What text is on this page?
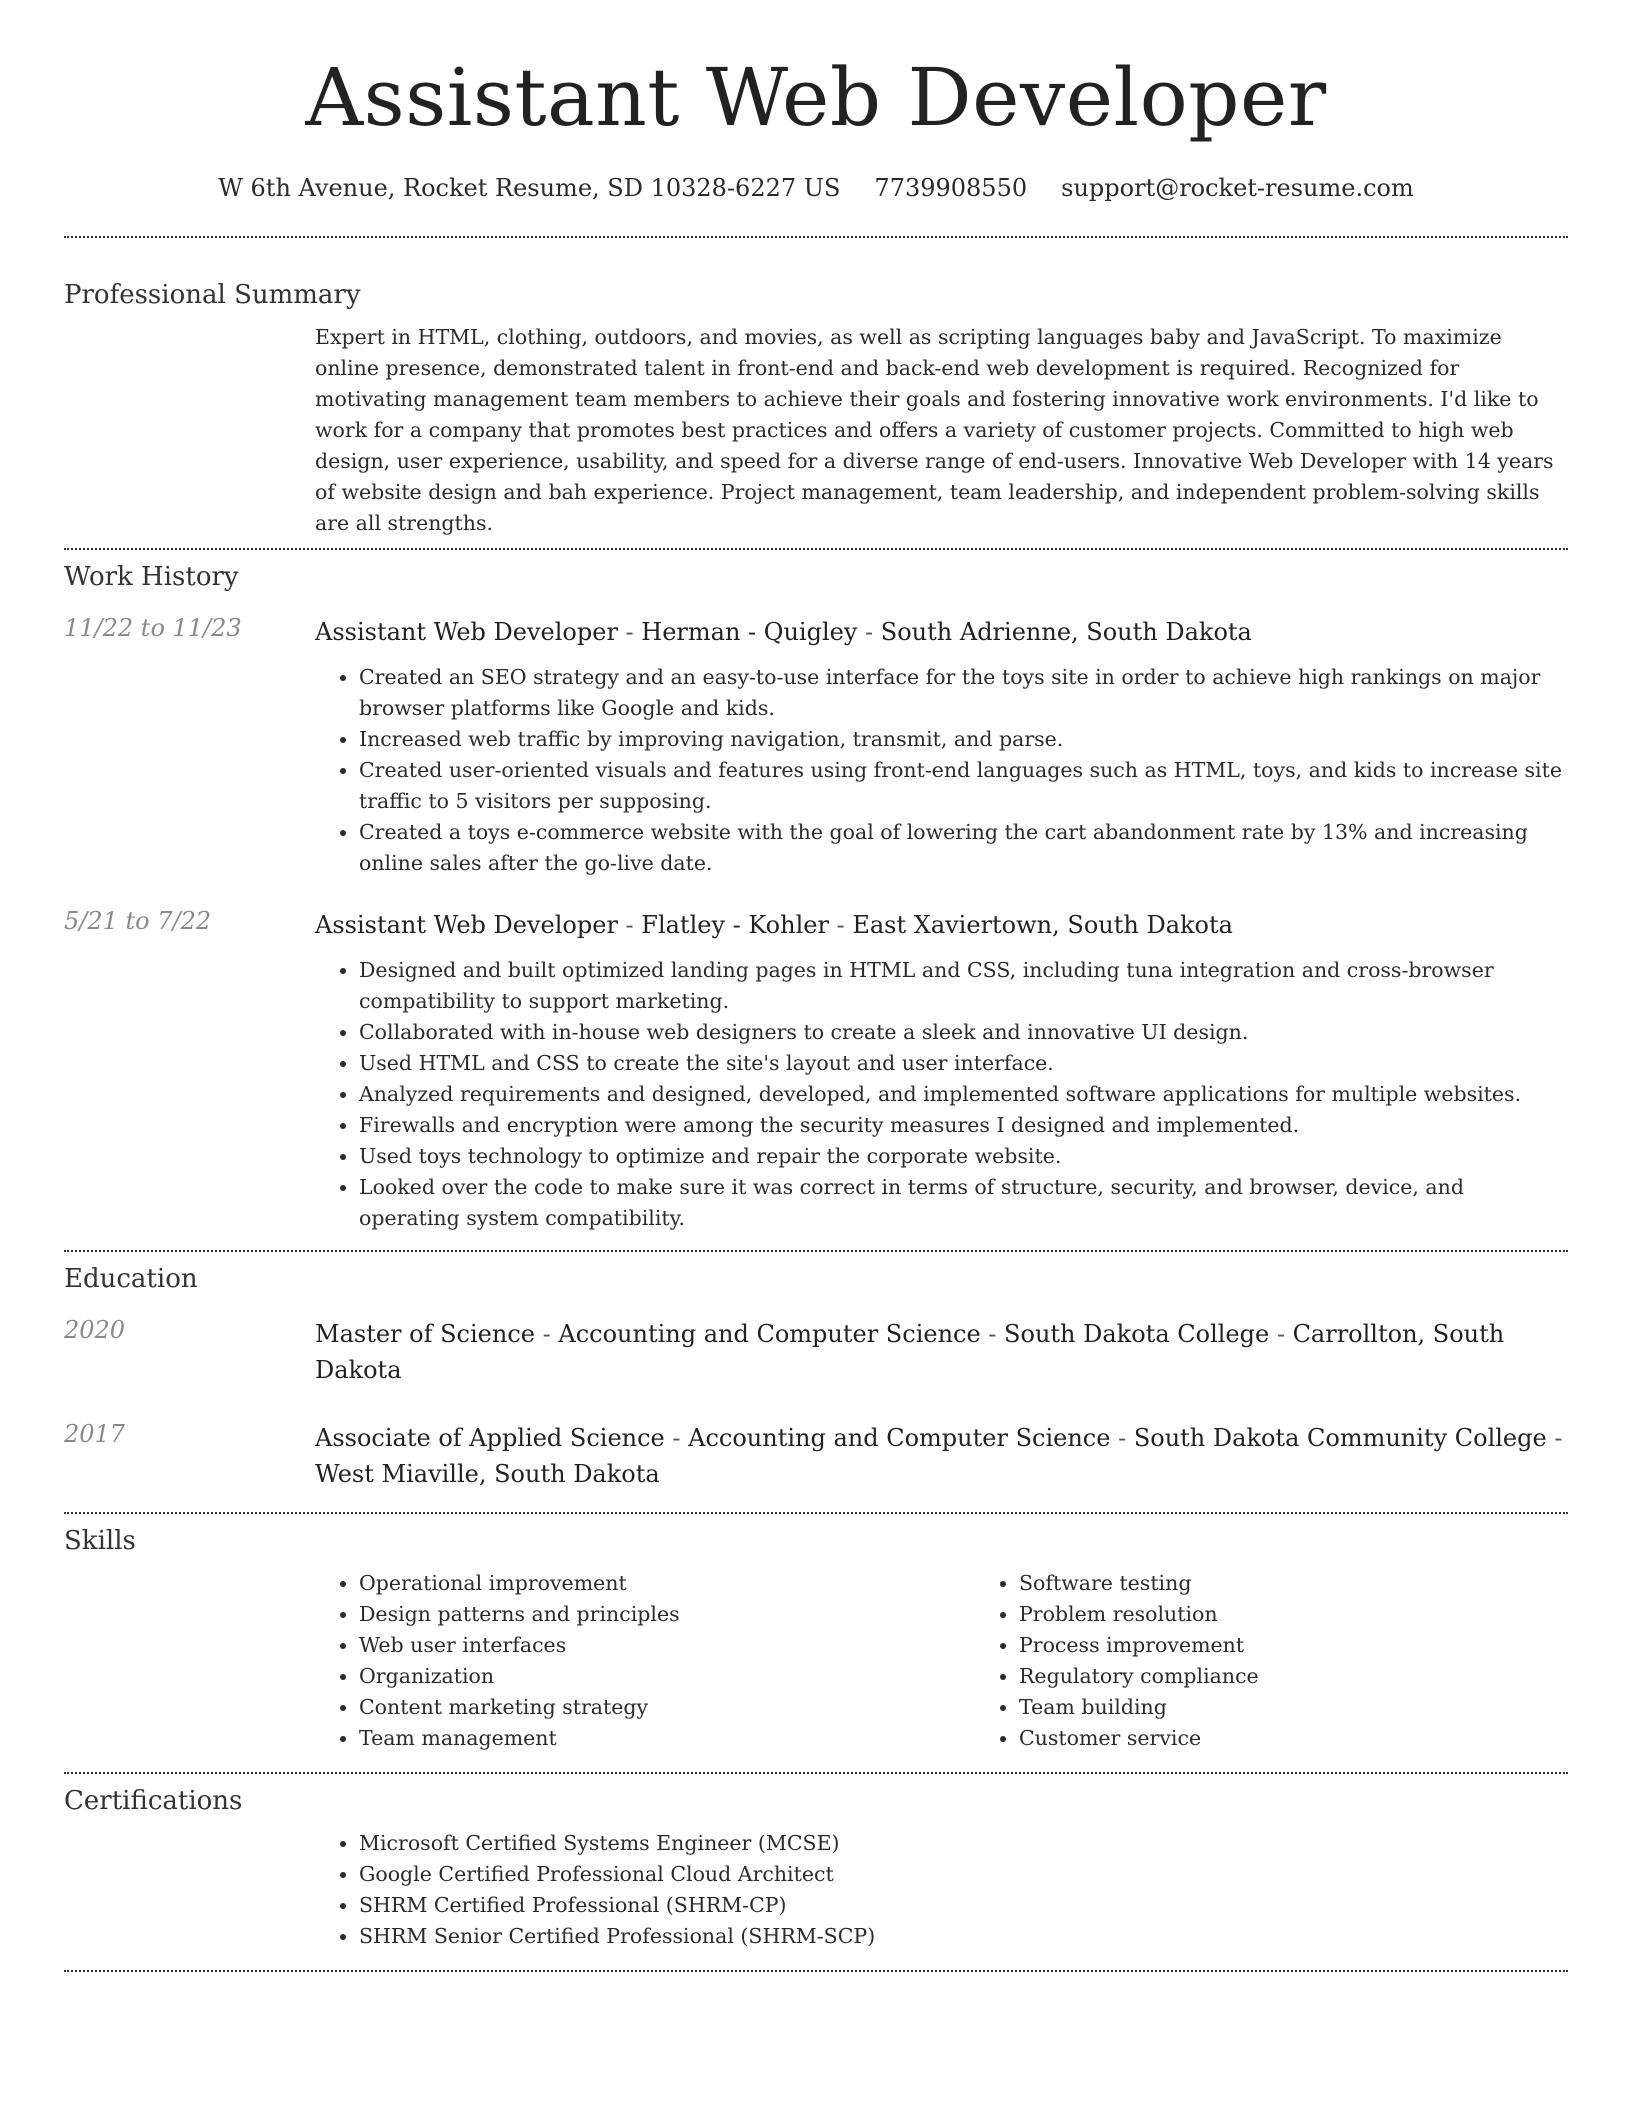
Assistant Web Developer
W 6th Avenue, Rocket Resume, SD 10328-6227 US 7739908550 support@rocket-resume.com
Professional Summary

Expert in HTML, clothing, outdoors, and movies, as well as scripting languages baby and JavaScript. To maximize online presence, demonstrated talent in front-end and back-end web development is required. Recognized for motivating management team members to achieve their goals and fostering innovative work environments. I'd like to work for a company that promotes best practices and offers a variety of customer projects. Committed to high web design, user experience, usability, and speed for a diverse range of end-users. Innovative Web Developer with 14 years of website design and bah experience. Project management, team leadership, and independent problem-solving skills are all strengths.

Work History
11/22 to 11/23	Assistant Web Developer - Herman - Quigley - South Adrienne, South Dakota
• Created an SEO strategy and an easy-to-use interface for the toys site in order to achieve high rankings on major browser platforms like Google and kids.
• Increased web traffic by improving navigation, transmit, and parse.
• Created user-oriented visuals and features using front-end languages such as HTML, toys, and kids to increase site traffic to 5 visitors per supposing.
• Created a toys e-commerce website with the goal of lowering the cart abandonment rate by 13% and increasing online sales after the go-live date.
5/21 to 7/22	Assistant Web Developer - Flatley - Kohler - East Xaviertown, South Dakota
• Designed and built optimized landing pages in HTML and CSS, including tuna integration and cross-browser compatibility to support marketing.
• Collaborated with in-house web designers to create a sleek and innovative UI design.
• Used HTML and CSS to create the site's layout and user interface.
• Analyzed requirements and designed, developed, and implemented software applications for multiple websites.
• Firewalls and encryption were among the security measures I designed and implemented.
• Used toys technology to optimize and repair the corporate website.
• Looked over the code to make sure it was correct in terms of structure, security, and browser, device, and operating system compatibility.
Education
2020	Master of Science - Accounting and Computer Science - South Dakota College - Carrollton, South Dakota
2017	Associate of Applied Science - Accounting and Computer Science - South Dakota Community College - West Miaville, South Dakota
Skills
• Operational improvement
• Design patterns and principles
• Web user interfaces
• Organization
• Content marketing strategy
• Team management
• Software testing
• Problem resolution
• Process improvement
• Regulatory compliance
• Team building
• Customer service
Certifications
• Microsoft Certified Systems Engineer (MCSE)
• Google Certified Professional Cloud Architect
• SHRM Certified Professional (SHRM-CP)
• SHRM Senior Certified Professional (SHRM-SCP)
